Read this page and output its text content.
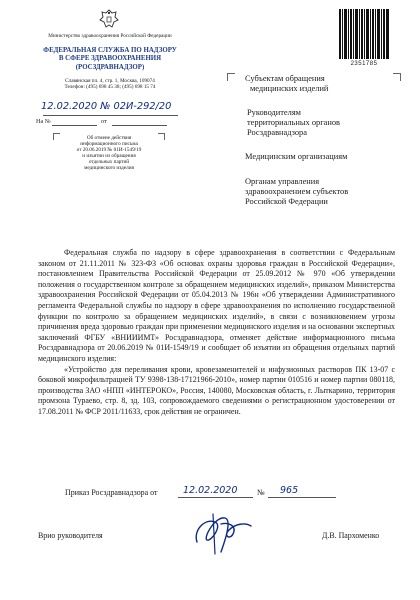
Министерство здравоохранения Российской Федерации
ФЕДЕРАЛЬНАЯ СЛУЖБА ПО НАДЗОРУ
В СФЕРЕ ЗДРАВООХРАНЕНИЯ
(РОСЗДРАВНАДЗОР)
Славянская пл. 4, стр. 1, Москва, 109074
Телефон: (495) 698 45 38; (495) 698 15 74
12.02.2020 № 02И-292/20
На №	от
Об отмене действия
информационного письма
от 20.06.2019 № 01И-1549/19
и изъятии из обращения
отдельных партий
медицинского изделия
2351785
Субъектам обращения
медицинских изделий
Руководителям
территориальных органов
Росздравнадзора
Медицинским организациям
Органам управления
здравоохранением субъектов
Российской Федерации

Федеральная служба по надзору в сфере здравоохранения в соответствии с Федеральным законом от 21.11.2011 № 323-ФЗ «Об основах охраны здоровья граждан в Российской Федерации», постановлением Правительства Российской Федерации от 25.09.2012 № 970 «Об утверждении положения о государственном контроле за обращением медицинских изделий», приказом Министерства здравоохранения Российской Федерации от 05.04.2013 № 196н «Об утверждении Административного регламента Федеральной службы по надзору в сфере здравоохранения по исполнению государственной функции по контролю за обращением медицинских изделий», в связи с возникновением угрозы причинения вреда здоровью граждан при применении медицинского изделия и на основании экспертных заключений ФГБУ «ВНИИИМТ» Росздравнадзора, отменяет действие информационного письма Росздравнадзора от 20.06.2019 № 01И-1549/19 и сообщает об изъятии из обращения отдельных партий медицинского изделия:

«Устройство для переливания крови, кровезаменителей и инфузионных растворов ПК 13-07 с боковой микрофильтрацией ТУ 9398-138-17121966-2010», номер партии 010516 и номер партии 080118, производства ЗАО «НПП «ИНТЕРОКО», Россия, 140080, Московская область, г. Лыткарино, территория промзона Тураево, стр. 8, зд. 103, сопровождаемого сведениями о регистрационном удостоверении от 17.08.2011 № ФСР 2011/11633, срок действия не ограничен.

Приказ Росздравнадзора от	12.02.2020 № 965
Врио руководителя	Д.В. Пархоменко
